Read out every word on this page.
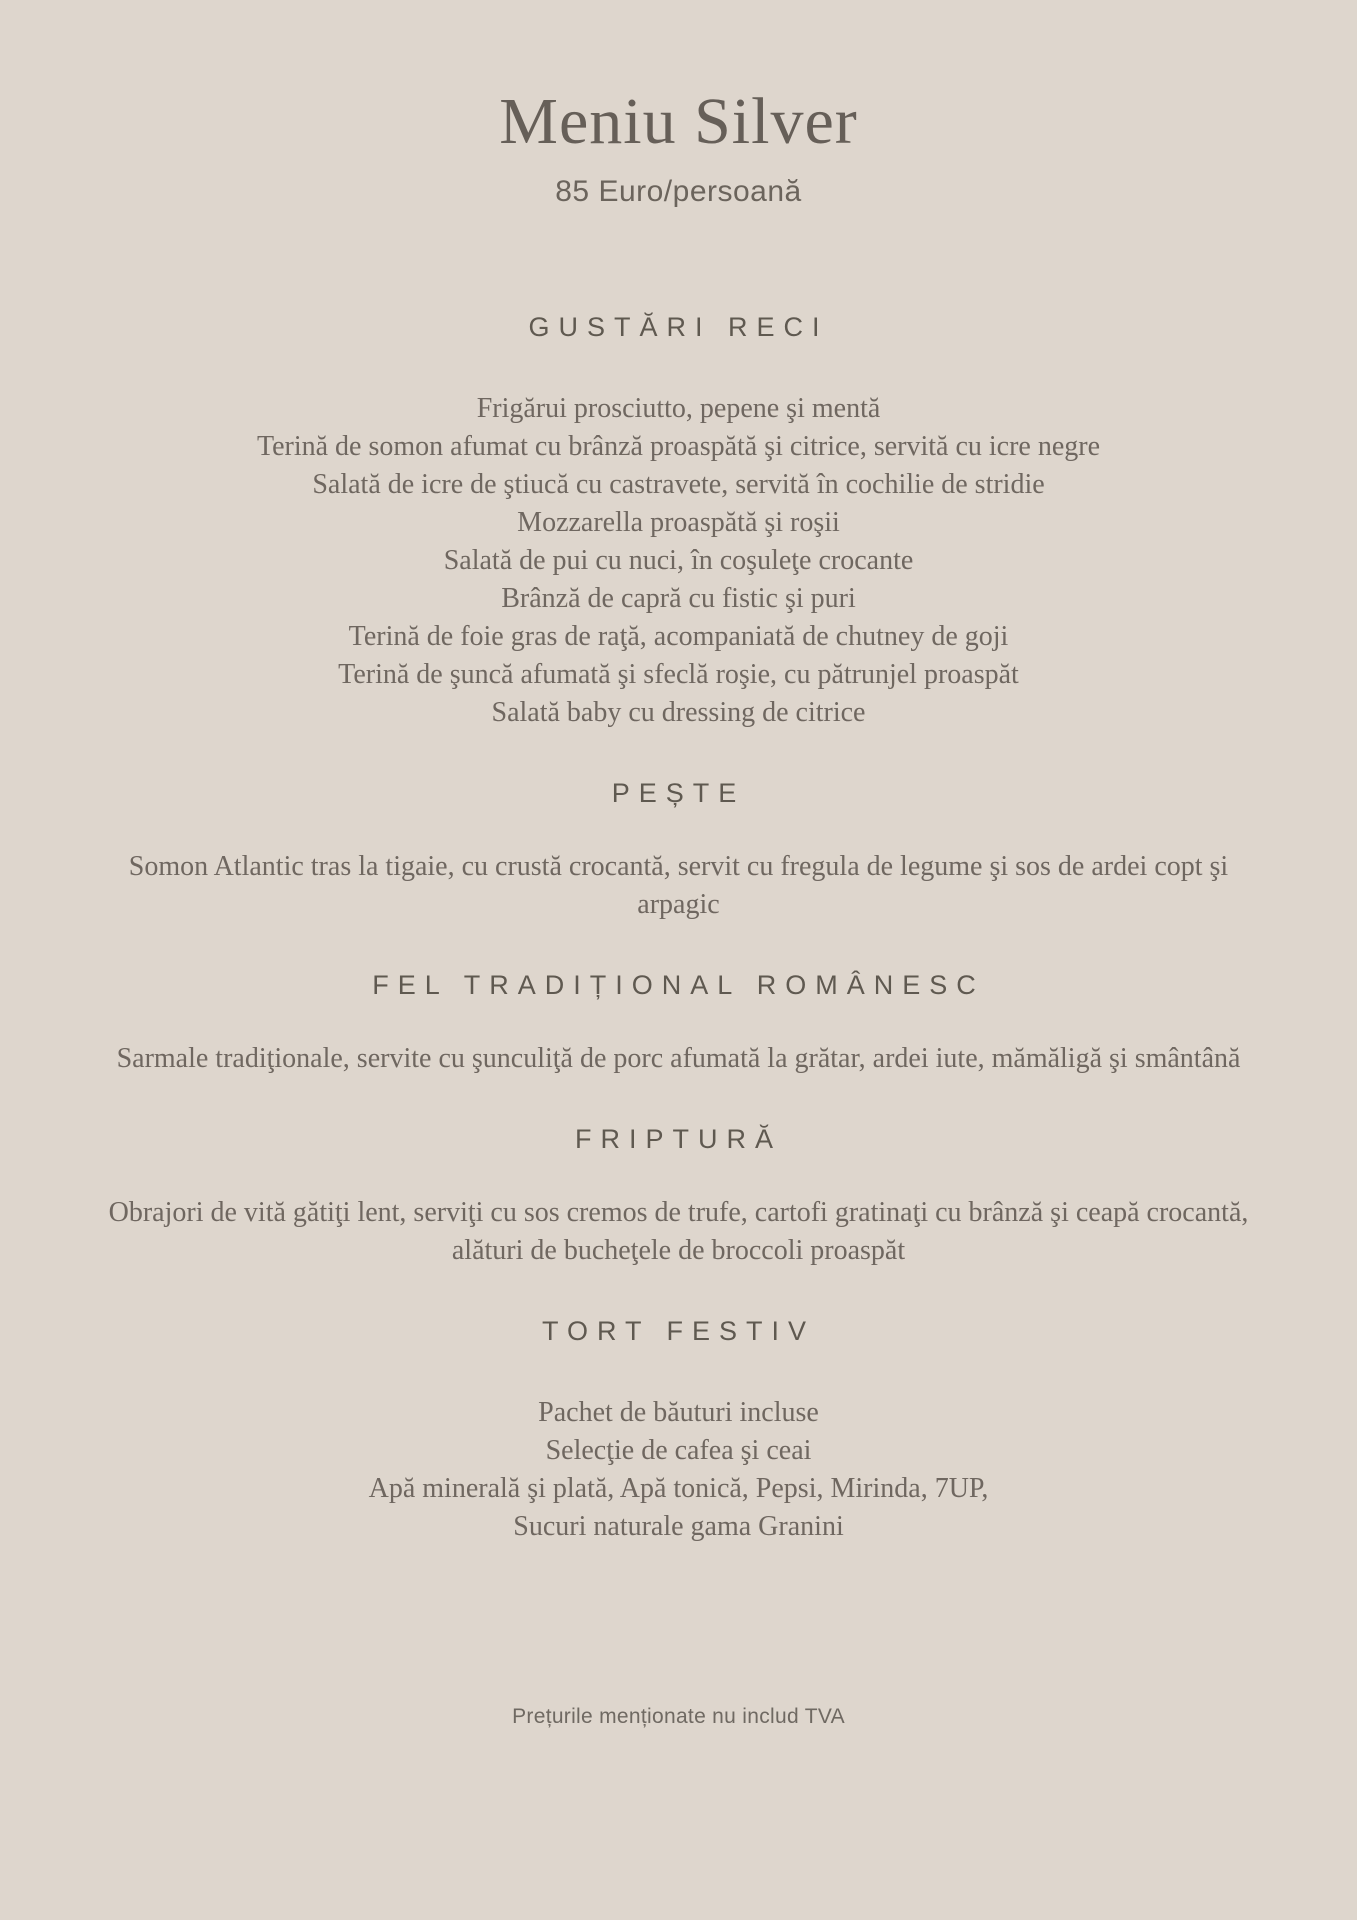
Meniu Silver
85 Euro/persoană
GUSTĂRI RECI
Frigărui prosciutto, pepene şi mentă
Terină de somon afumat cu brânză proaspătă şi citrice, servită cu icre negre
Salată de icre de ştiucă cu castravete, servită în cochilie de stridie
Mozzarella proaspătă şi roşii
Salată de pui cu nuci, în coşuleţe crocante
Brânză de capră cu fistic şi puri
Terină de foie gras de raţă, acompaniată de chutney de goji
Terină de şuncă afumată şi sfeclă roşie, cu pătrunjel proaspăt
Salată baby cu dressing de citrice
PEȘTE

Somon Atlantic tras la tigaie, cu crustă crocantă, servit cu fregula de legume şi sos de ardei copt şi arpagic

FEL TRADIȚIONAL ROMÂNESC

Sarmale tradiţionale, servite cu şunculiţă de porc afumată la grătar, ardei iute, mămăligă şi smântână

FRIPTURĂ

Obrajori de vită gătiţi lent, serviţi cu sos cremos de trufe, cartofi gratinaţi cu brânză şi ceapă crocantă, alături de bucheţele de broccoli proaspăt

TORT FESTIV
Pachet de băuturi incluse
Selecţie de cafea şi ceai
Apă minerală şi plată, Apă tonică, Pepsi, Mirinda, 7UP,
Sucuri naturale gama Granini
Prețurile menționate nu includ TVA
